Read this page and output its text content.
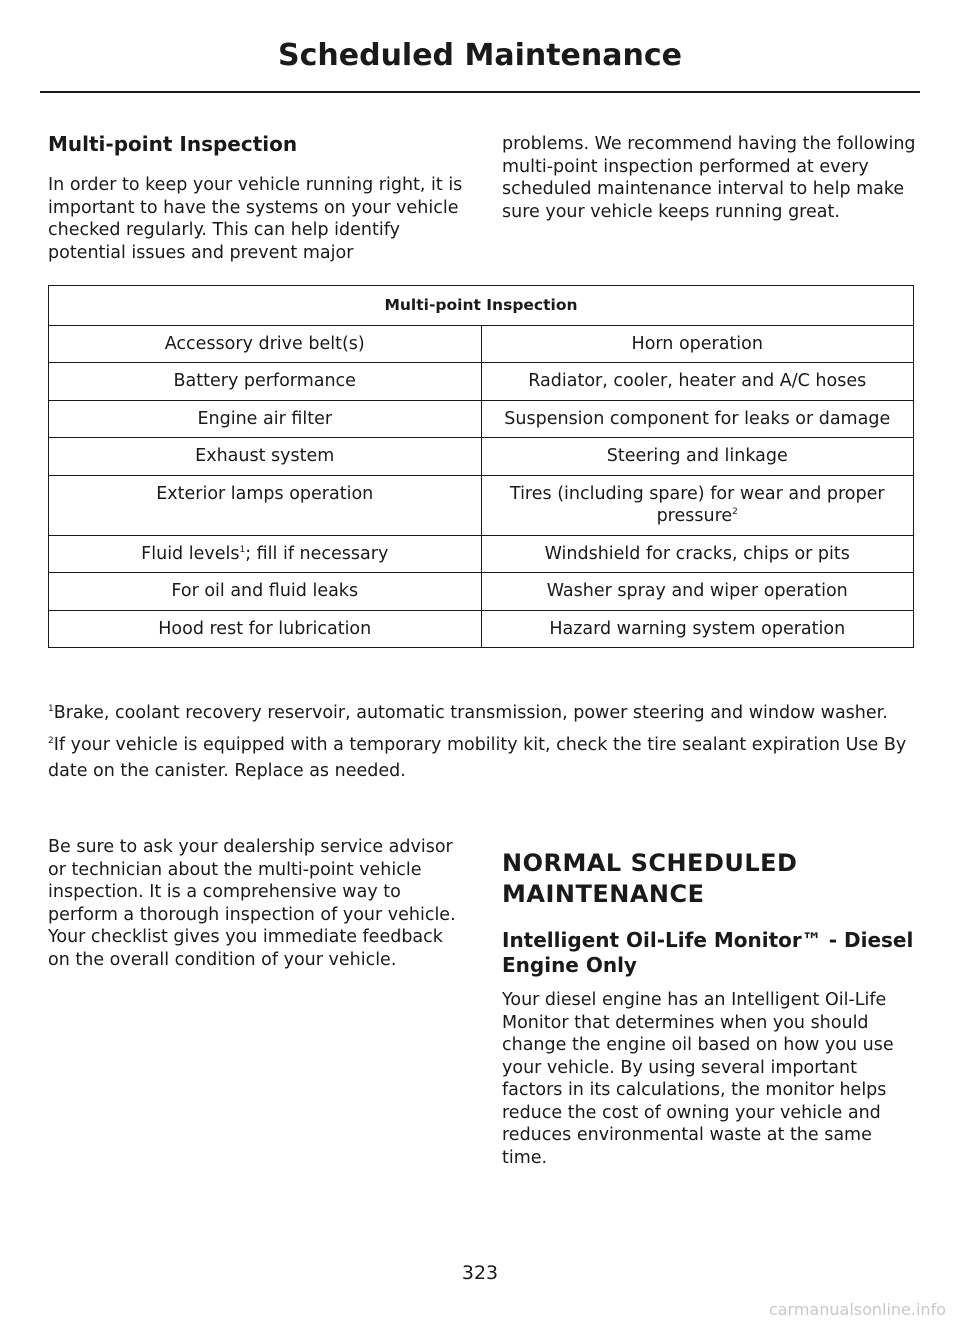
Scheduled Maintenance
Multi-point Inspection

In order to keep your vehicle running right, it is important to have the systems on your vehicle checked regularly. This can help identify potential issues and prevent major

problems. We recommend having the following multi-point inspection performed at every scheduled maintenance interval to help make sure your vehicle keeps running great.

Multi-point Inspection	
Accessory drive belt(s)	Horn operation
Battery performance	Radiator, cooler, heater and A/C hoses
Engine air filter	Suspension component for leaks or damage
Exhaust system	Steering and linkage
Exterior lamps operation	Tires (including spare) for wear and proper pressure$^2$
Fluid levels$^1$; fill if necessary	Windshield for cracks, chips or pits
For oil and fluid leaks	Washer spray and wiper operation
Hood rest for lubrication	Hazard warning system operation

$^1$Brake, coolant recovery reservoir, automatic transmission, power steering and window washer.

$^2$If your vehicle is equipped with a temporary mobility kit, check the tire sealant expiration Use By date on the canister. Replace as needed.

Be sure to ask your dealership service advisor or technician about the multi-point vehicle inspection. It is a comprehensive way to perform a thorough inspection of your vehicle. Your checklist gives you immediate feedback on the overall condition of your vehicle.

NORMAL SCHEDULED
MAINTENANCE
Intelligent Oil-Life Monitor™ - Diesel Engine Only

Your diesel engine has an Intelligent Oil-Life Monitor that determines when you should change the engine oil based on how you use your vehicle. By using several important factors in its calculations, the monitor helps reduce the cost of owning your vehicle and reduces environmental waste at the same time.

323
carmanualsonline.info
